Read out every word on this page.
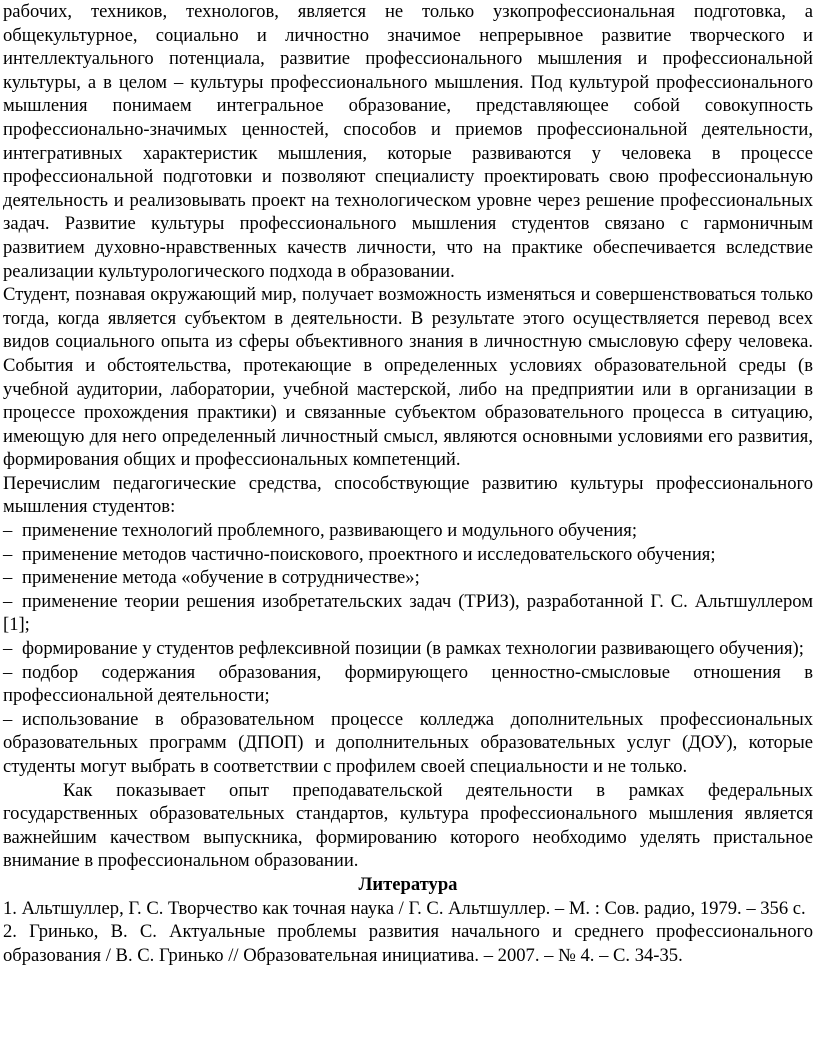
рабочих, техников, технологов, является не только узкопрофессиональная подготовка, а общекультурное, социально и личностно значимое непрерывное развитие творческого и интеллектуального потенциала, развитие профессионального мышления и профессиональной культуры, а в целом – культуры профессионального мышления. Под культурой профессионального мышления понимаем интегральное образование, представляющее собой совокупность профессионально-значимых ценностей, способов и приемов профессиональной деятельности, интегративных характеристик мышления, которые развиваются у человека в процессе профессиональной подготовки и позволяют специалисту проектировать свою профессиональную деятельность и реализовывать проект на технологическом уровне через решение профессиональных задач. Развитие культуры профессионального мышления студентов связано с гармоничным развитием духовно-нравственных качеств личности, что на практике обеспечивается вследствие реализации культурологического подхода в образовании.

Студент, познавая окружающий мир, получает возможность изменяться и совершенствоваться только тогда, когда является субъектом в деятельности. В результате этого осуществляется перевод всех видов социального опыта из сферы объективного знания в личностную смысловую сферу человека. События и обстоятельства, протекающие в определенных условиях образовательной среды (в учебной аудитории, лаборатории, учебной мастерской, либо на предприятии или в организации в процессе прохождения практики) и связанные субъектом образовательного процесса в ситуацию, имеющую для него определенный личностный смысл, являются основными условиями его развития, формирования общих и профессиональных компетенций.

Перечислим педагогические средства, способствующие развитию культуры профессионального мышления студентов:

– применение технологий проблемного, развивающего и модульного обучения;
– применение методов частично-поискового, проектного и исследовательского обучения;
– применение метода «обучение в сотрудничестве»;
– применение теории решения изобретательских задач (ТРИЗ), разработанной Г. С. Альтшуллером [1];
– формирование у студентов рефлексивной позиции (в рамках технологии развивающего обучения);
– подбор содержания образования, формирующего ценностно-смысловые отношения в профессиональной деятельности;
– использование в образовательном процессе колледжа дополнительных профессиональных образовательных программ (ДПОП) и дополнительных образовательных услуг (ДОУ), которые студенты могут выбрать в соответствии с профилем своей специальности и не только.

Как показывает опыт преподавательской деятельности в рамках федеральных государственных образовательных стандартов, культура профессионального мышления является важнейшим качеством выпускника, формированию которого необходимо уделять пристальное внимание в профессиональном образовании.

Литература

1. Альтшуллер, Г. С. Творчество как точная наука / Г. С. Альтшуллер. – М. : Сов. радио, 1979. – 356 с.
2. Гринько, В. С. Актуальные проблемы развития начального и среднего профессионального образования / В. С. Гринько // Образовательная инициатива. – 2007. – № 4. – С. 34-35.
